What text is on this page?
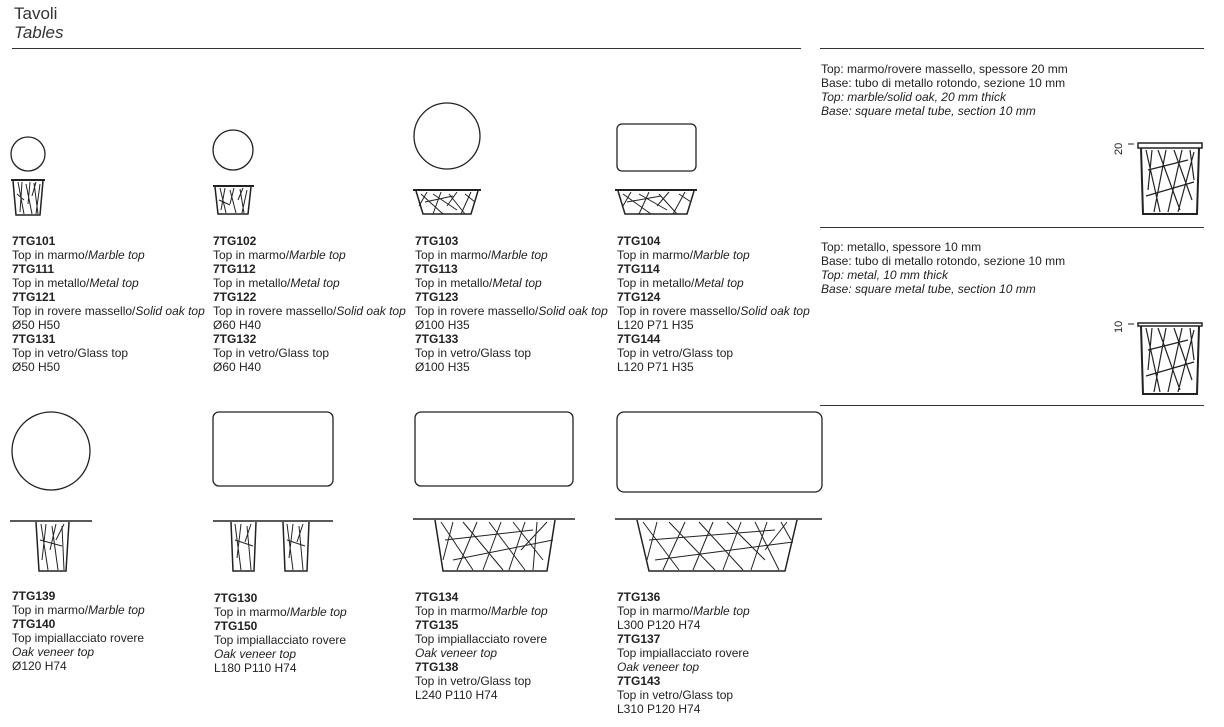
Tavoli
Tables
7TG101
Top in marmo/Marble top
7TG111
Top in metallo/Metal top
7TG121
Top in rovere massello/Solid oak top
Ø50 H50
7TG131
Top in vetro/Glass top
Ø50 H50
7TG102
Top in marmo/Marble top
7TG112
Top in metallo/Metal top
7TG122
Top in rovere massello/Solid oak top
Ø60 H40
7TG132
Top in vetro/Glass top
Ø60 H40
7TG103
Top in marmo/Marble top
7TG113
Top in metallo/Metal top
7TG123
Top in rovere massello/Solid oak top
Ø100 H35
7TG133
Top in vetro/Glass top
Ø100 H35
7TG104
Top in marmo/Marble top
7TG114
Top in metallo/Metal top
7TG124
Top in rovere massello/Solid oak top
L120 P71 H35
7TG144
Top in vetro/Glass top
L120 P71 H35
7TG139
Top in marmo/Marble top
7TG140
Top impiallacciato rovere
Oak veneer top
Ø120 H74
7TG130
Top in marmo/Marble top
7TG150
Top impiallacciato rovere
Oak veneer top
L180 P110 H74
7TG134
Top in marmo/Marble top
7TG135
Top impiallacciato rovere
Oak veneer top
7TG138
Top in vetro/Glass top
L240 P110 H74
7TG136
Top in marmo/Marble top
L300 P120 H74
7TG137
Top impiallacciato rovere
Oak veneer top
7TG143
Top in vetro/Glass top
L310 P120 H74
Top: marmo/rovere massello, spessore 20 mm
Base: tubo di metallo rotondo, sezione 10 mm
Top: marble/solid oak, 20 mm thick
Base: square metal tube, section 10 mm
20
Top: metallo, spessore 10 mm
Base: tubo di metallo rotondo, sezione 10 mm
Top: metal, 10 mm thick
Base: square metal tube, section 10 mm
10
